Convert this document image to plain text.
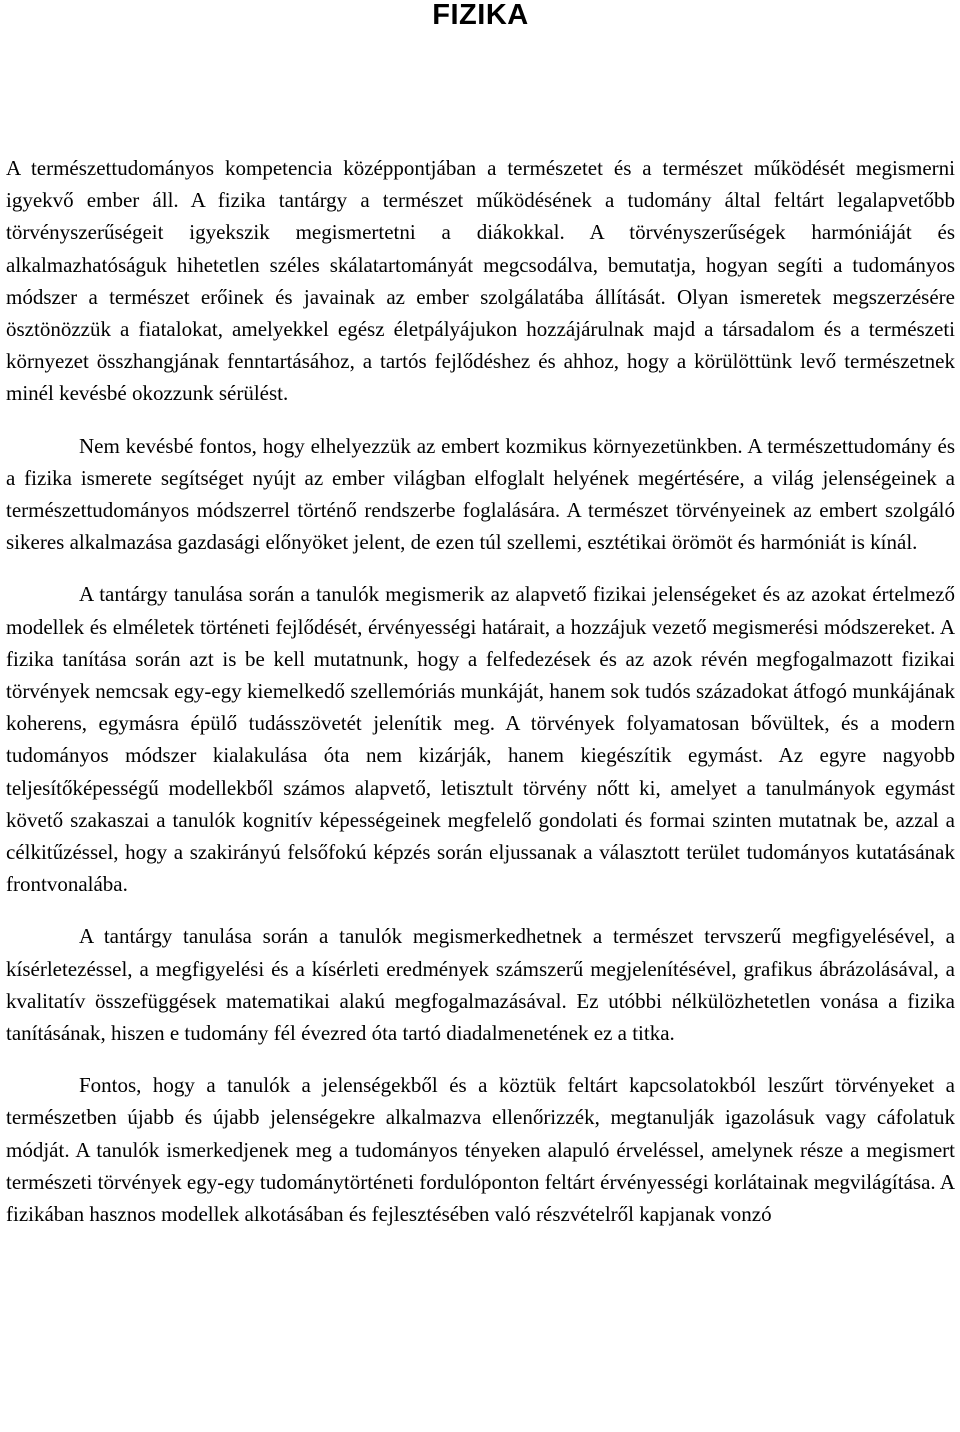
FIZIKA

A természettudományos kompetencia középpontjában a természetet és a természet működését megismerni igyekvő ember áll. A fizika tantárgy a természet működésének a tudomány által feltárt legalapvetőbb törvényszerűségeit igyekszik megismertetni a diákokkal. A törvényszerűségek harmóniáját és alkalmazhatóságuk hihetetlen széles skálatartományát megcsodálva, bemutatja, hogyan segíti a tudományos módszer a természet erőinek és javainak az ember szolgálatába állítását. Olyan ismeretek megszerzésére ösztönözzük a fiatalokat, amelyekkel egész életpályájukon hozzájárulnak majd a társadalom és a természeti környezet összhangjának fenntartásához, a tartós fejlődéshez és ahhoz, hogy a körülöttünk levő természetnek minél kevésbé okozzunk sérülést.

Nem kevésbé fontos, hogy elhelyezzük az embert kozmikus környezetünkben. A természettudomány és a fizika ismerete segítséget nyújt az ember világban elfoglalt helyének megértésére, a világ jelenségeinek a természettudományos módszerrel történő rendszerbe foglalására. A természet törvényeinek az embert szolgáló sikeres alkalmazása gazdasági előnyöket jelent, de ezen túl szellemi, esztétikai örömöt és harmóniát is kínál.

A tantárgy tanulása során a tanulók megismerik az alapvető fizikai jelenségeket és az azokat értelmező modellek és elméletek történeti fejlődését, érvényességi határait, a hozzájuk vezető megismerési módszereket. A fizika tanítása során azt is be kell mutatnunk, hogy a felfedezések és az azok révén megfogalmazott fizikai törvények nemcsak egy-egy kiemelkedő szellemóriás munkáját, hanem sok tudós századokat átfogó munkájának koherens, egymásra épülő tudásszövetét jelenítik meg. A törvények folyamatosan bővültek, és a modern tudományos módszer kialakulása óta nem kizárják, hanem kiegészítik egymást. Az egyre nagyobb teljesítőképességű modellekből számos alapvető, letisztult törvény nőtt ki, amelyet a tanulmányok egymást követő szakaszai a tanulók kognitív képességeinek megfelelő gondolati és formai szinten mutatnak be, azzal a célkitűzéssel, hogy a szakirányú felsőfokú képzés során eljussanak a választott terület tudományos kutatásának frontvonalába.

A tantárgy tanulása során a tanulók megismerkedhetnek a természet tervszerű megfigyelésével, a kísérletezéssel, a megfigyelési és a kísérleti eredmények számszerű megjelenítésével, grafikus ábrázolásával, a kvalitatív összefüggések matematikai alakú megfogalmazásával. Ez utóbbi nélkülözhetetlen vonása a fizika tanításának, hiszen e tudomány fél évezred óta tartó diadalmenetének ez a titka.

Fontos, hogy a tanulók a jelenségekből és a köztük feltárt kapcsolatokból leszűrt törvényeket a természetben újabb és újabb jelenségekre alkalmazva ellenőrizzék, megtanulják igazolásuk vagy cáfolatuk módját. A tanulók ismerkedjenek meg a tudományos tényeken alapuló érveléssel, amelynek része a megismert természeti törvények egy-egy tudománytörténeti fordulóponton feltárt érvényességi korlátainak megvilágítása. A fizikában hasznos modellek alkotásában és fejlesztésében való részvételről kapjanak vonzó
